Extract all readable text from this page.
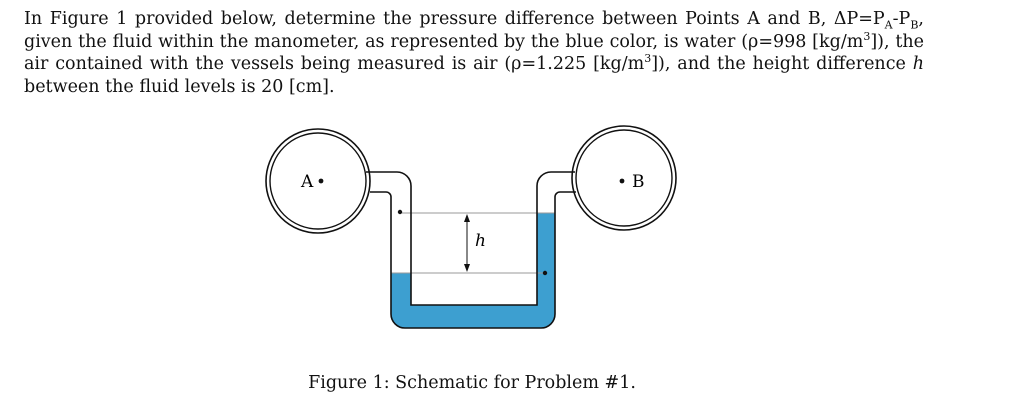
In Figure 1 provided below, determine the pressure difference between Points A and B, $\Delta P=P_A-P_B$, given the fluid within the manometer, as represented by the blue color, is water (ρ=998 $[kg/m^3]$), the air contained with the vessels being measured is air (ρ=1.225 $[kg/m^3]$), and the height difference h between the fluid levels is 20 [cm].

A	B
h
Figure 1: Schematic for Problem #1.
